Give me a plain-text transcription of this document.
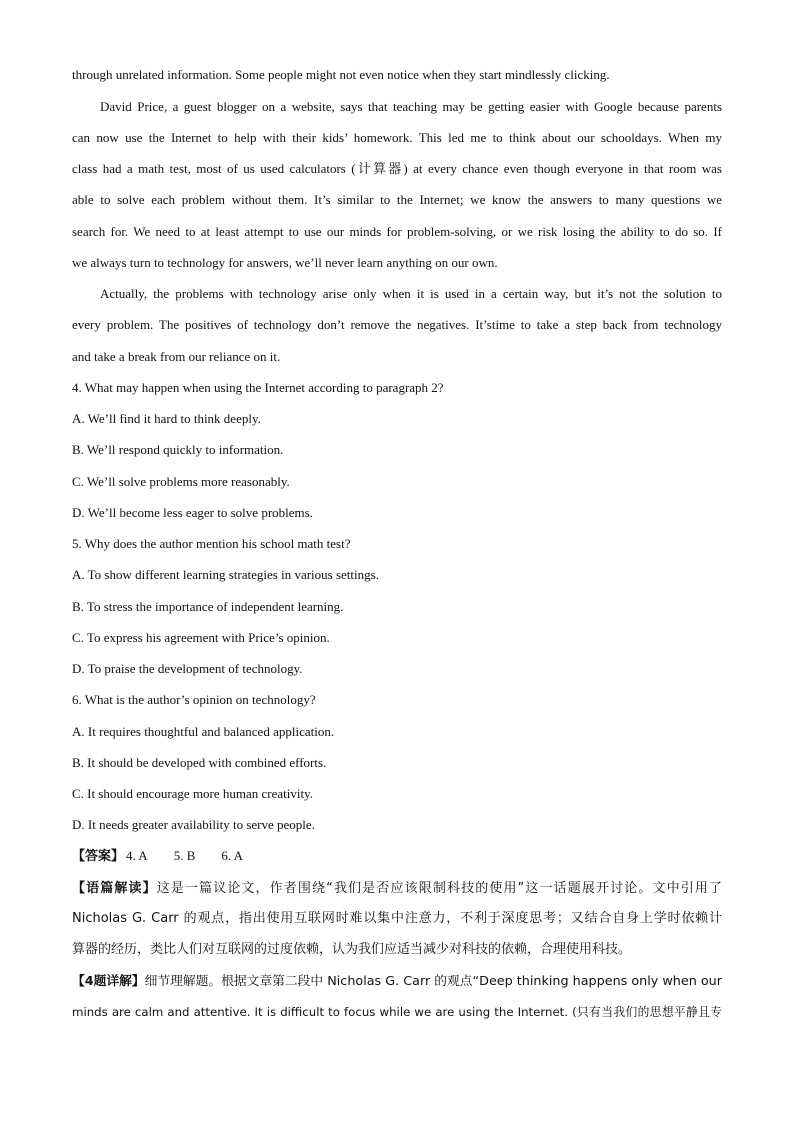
through unrelated information. Some people might not even notice when they start mindlessly clicking.
David Price, a guest blogger on a website, says that teaching may be getting easier with Google because parents
can now use the Internet to help with their kids’ homework. This led me to think about our schooldays. When my
class had a math test, most of us used calculators (计算器) at every chance even though everyone in that room was
able to solve each problem without them. It’s similar to the Internet; we know the answers to many questions we
search for. We need to at least attempt to use our minds for problem-solving, or we risk losing the ability to do so. If
we always turn to technology for answers, we’ll never learn anything on our own.
Actually, the problems with technology arise only when it is used in a certain way, but it’s not the solution to
every problem. The positives of technology don’t remove the negatives. It’stime to take a step back from technology
and take a break from our reliance on it.
4. What may happen when using the Internet according to paragraph 2?
A. We’ll find it hard to think deeply.
B. We’ll respond quickly to information.
C. We’ll solve problems more reasonably.
D. We’ll become less eager to solve problems.
5. Why does the author mention his school math test?
A. To show different learning strategies in various settings.
B. To stress the importance of independent learning.
C. To express his agreement with Price’s opinion.
D. To praise the development of technology.
6. What is the author’s opinion on technology?
A. It requires thoughtful and balanced application.
B. It should be developed with combined efforts.
C. It should encourage more human creativity.
D. It needs greater availability to serve people.
【答案】 4. A 5. B 6. A
【语篇解读】这是一篇议论文，作者围绕“我们是否应该限制科技的使用”这一话题展开讨论。文中引用了
Nicholas G. Carr 的观点，指出使用互联网时难以集中注意力，不利于深度思考；又结合自身上学时依赖计
算器的经历，类比人们对互联网的过度依赖，认为我们应适当减少对科技的依赖，合理使用科技。
【4题详解】细节理解题。根据文章第二段中 Nicholas G. Carr 的观点“Deep thinking happens only when our
minds are calm and attentive. It is difficult to focus while we are using the Internet. (只有当我们的思想平静且专
